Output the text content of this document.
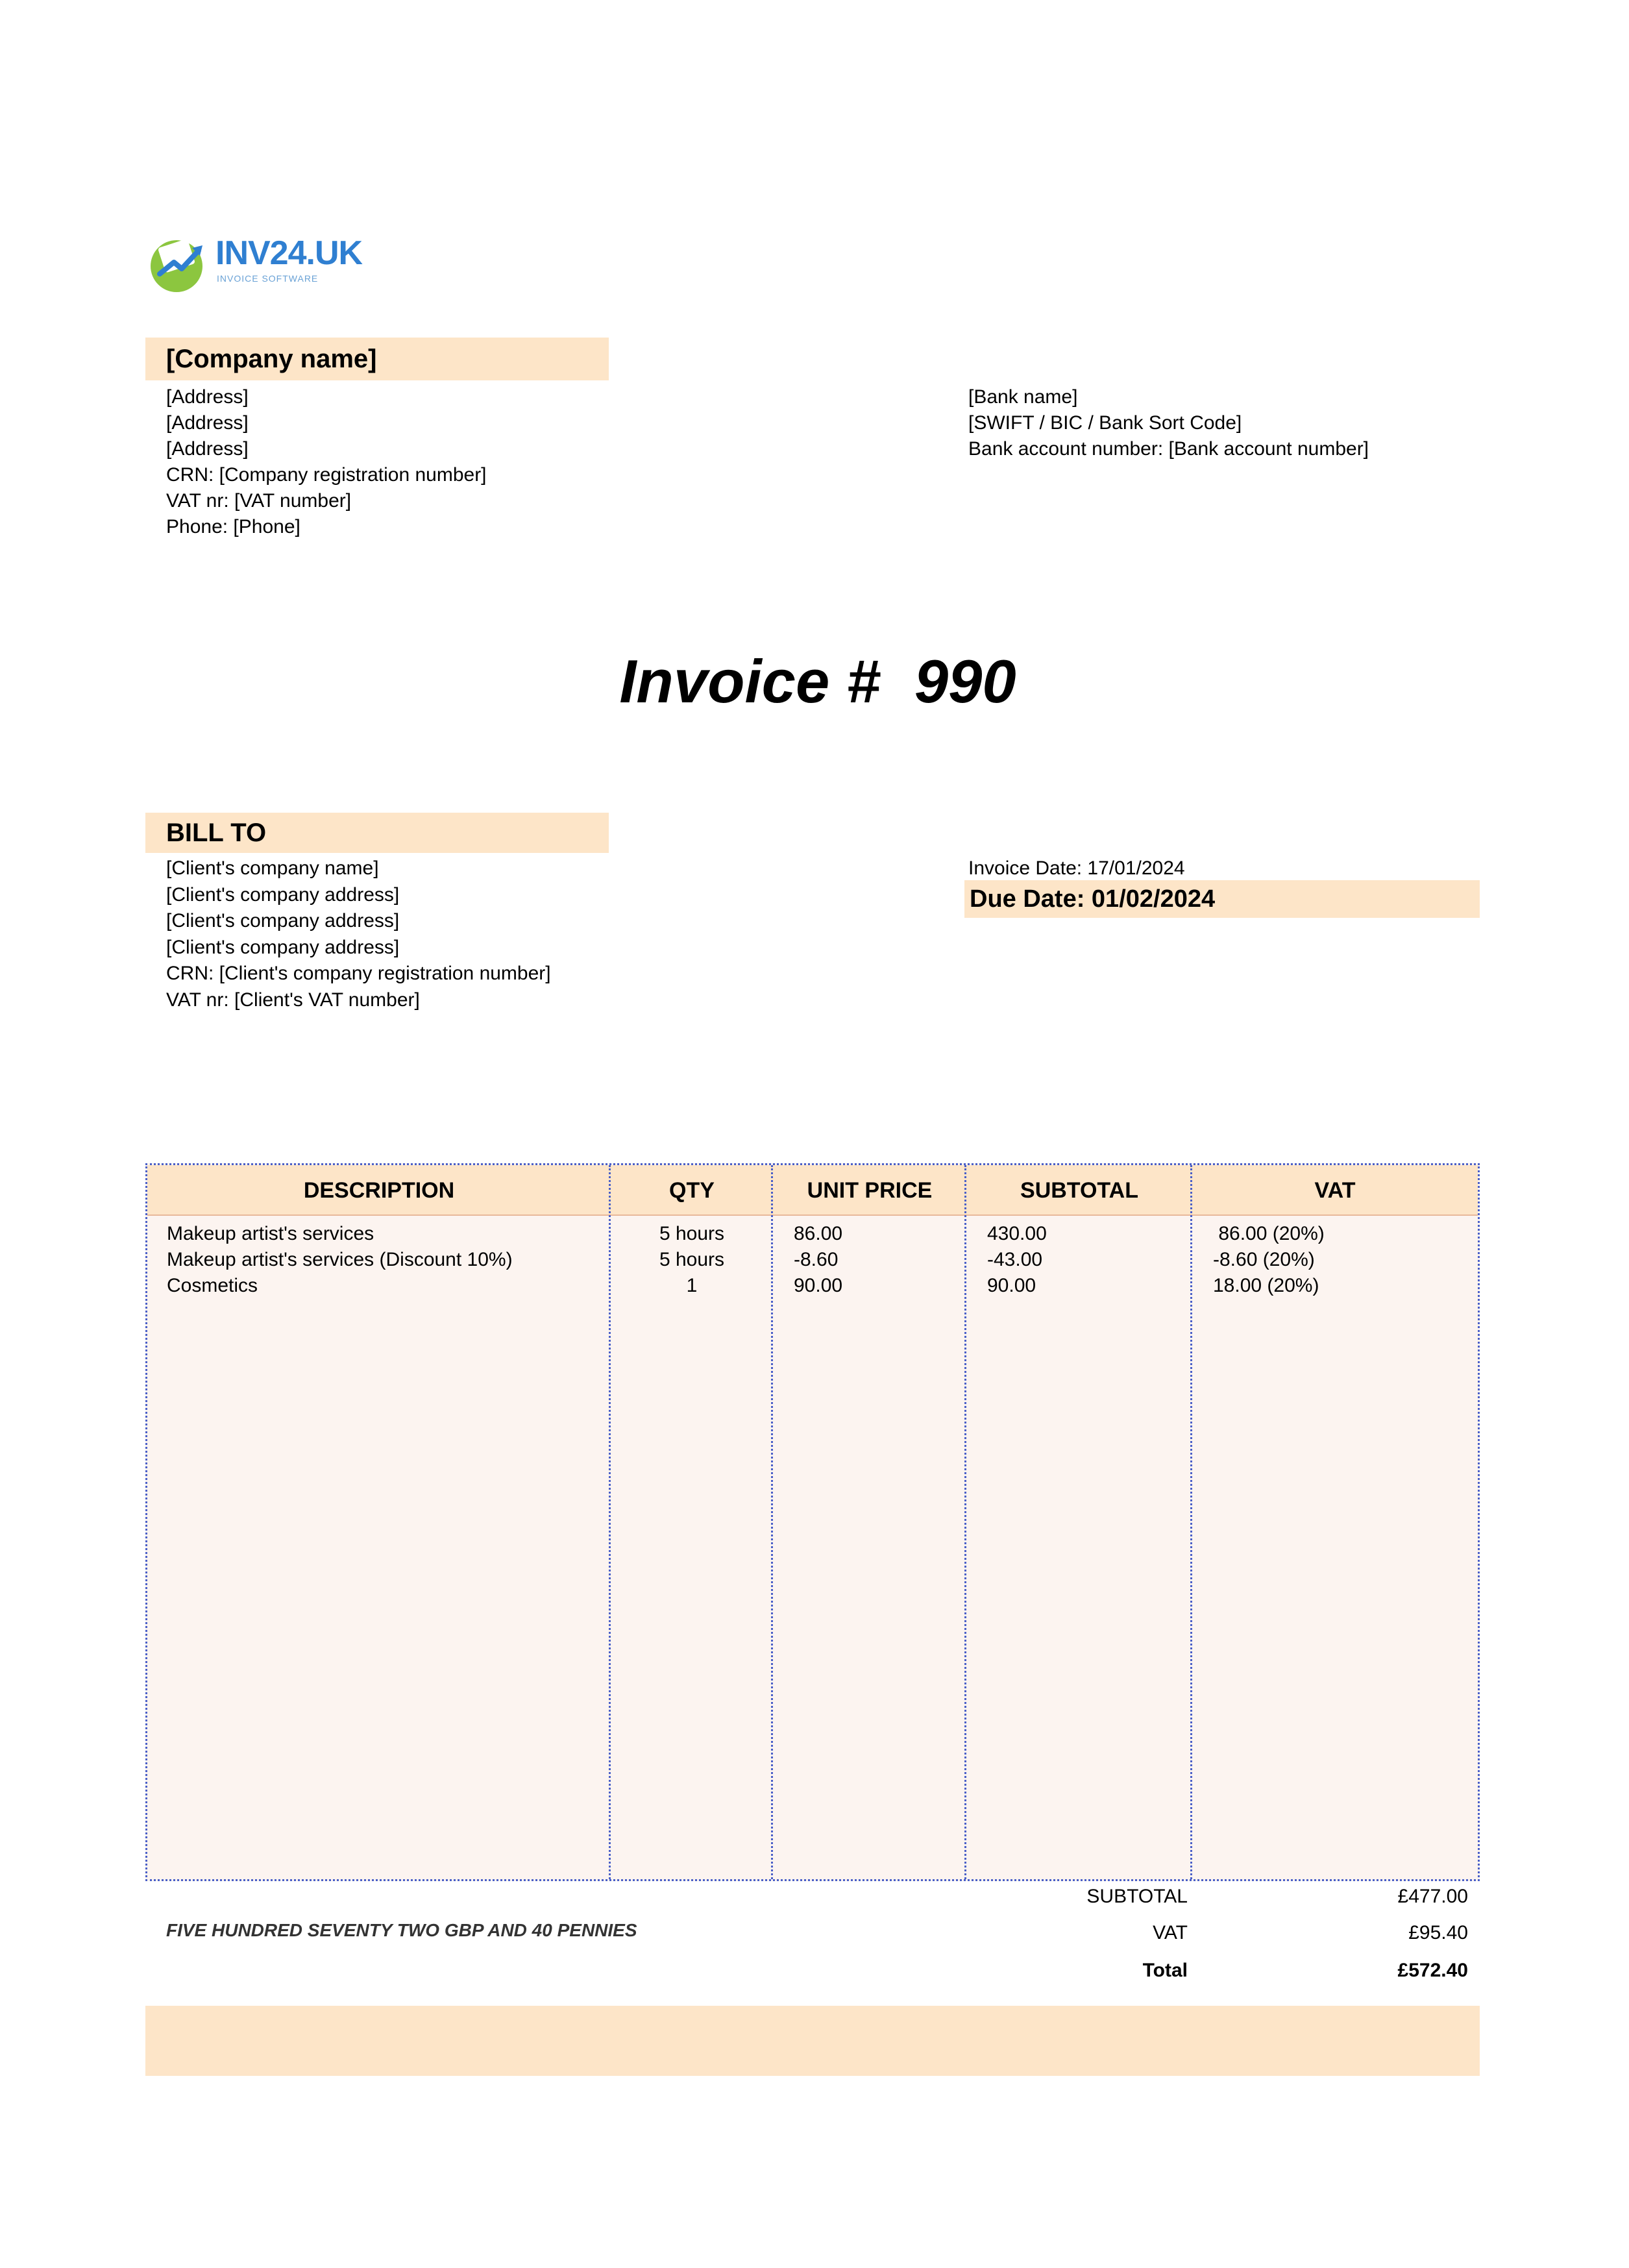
INV24.UK
INVOICE SOFTWARE
[Company name]
[Address]
[Address]
[Address]
CRN: [Company registration number]
VAT nr: [VAT number]
Phone: [Phone]
[Bank name]
[SWIFT / BIC / Bank Sort Code]
Bank account number: [Bank account number]
Invoice #  990
BILL TO
[Client's company name]
[Client's company address]
[Client's company address]
[Client's company address]
CRN: [Client's company registration number]
VAT nr: [Client's VAT number]
Invoice Date: 17/01/2024
Due Date: 01/02/2024
DESCRIPTION	QTY	UNIT PRICE	SUBTOTAL	VAT
Makeup artist's services	5 hours	86.00	430.00	86.00 (20%)
Makeup artist's services (Discount 10%)	5 hours	-8.60	-43.00	-8.60 (20%)
Cosmetics	1	90.00	90.00	18.00 (20%)
SUBTOTAL	£477.00
VAT	£95.40
Total	£572.40
FIVE HUNDRED SEVENTY TWO GBP AND 40 PENNIES
